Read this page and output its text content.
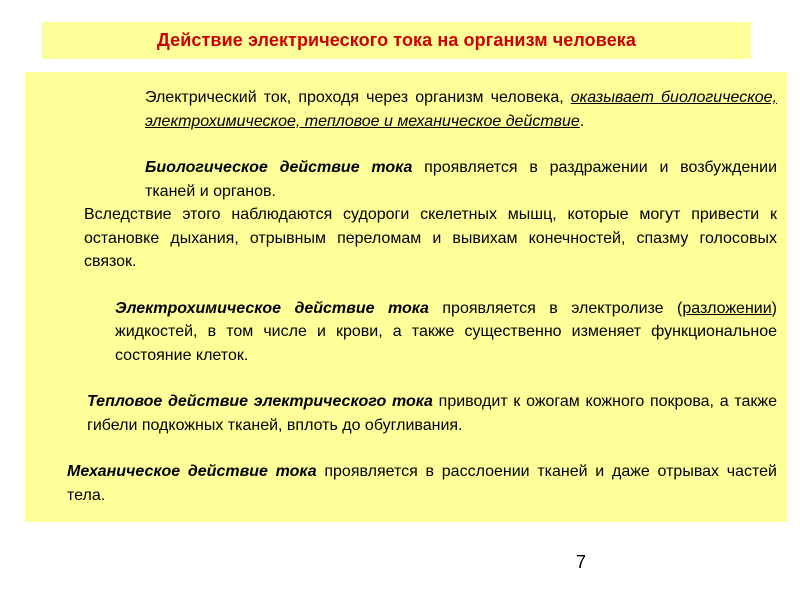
Действие электрического тока на организм человека

Электрический ток, проходя через организм человека, оказывает биологическое, электрохимическое, тепловое и механическое действие.

Биологическое действие тока проявляется в раздражении и возбуждении тканей и органов.

Вследствие этого наблюдаются судороги скелетных мышц, которые могут привести к остановке дыхания, отрывным переломам и вывихам конечностей, спазму голосовых связок.

Электрохимическое действие тока проявляется в электролизе (разложении) жидкостей, в том числе и крови, а также существенно изменяет функциональное состояние клеток.

Тепловое действие электрического тока приводит к ожогам кожного покрова, а также гибели подкожных тканей, вплоть до обугливания.

Механическое действие тока проявляется в расслоении тканей и даже отрывах частей тела.

7
